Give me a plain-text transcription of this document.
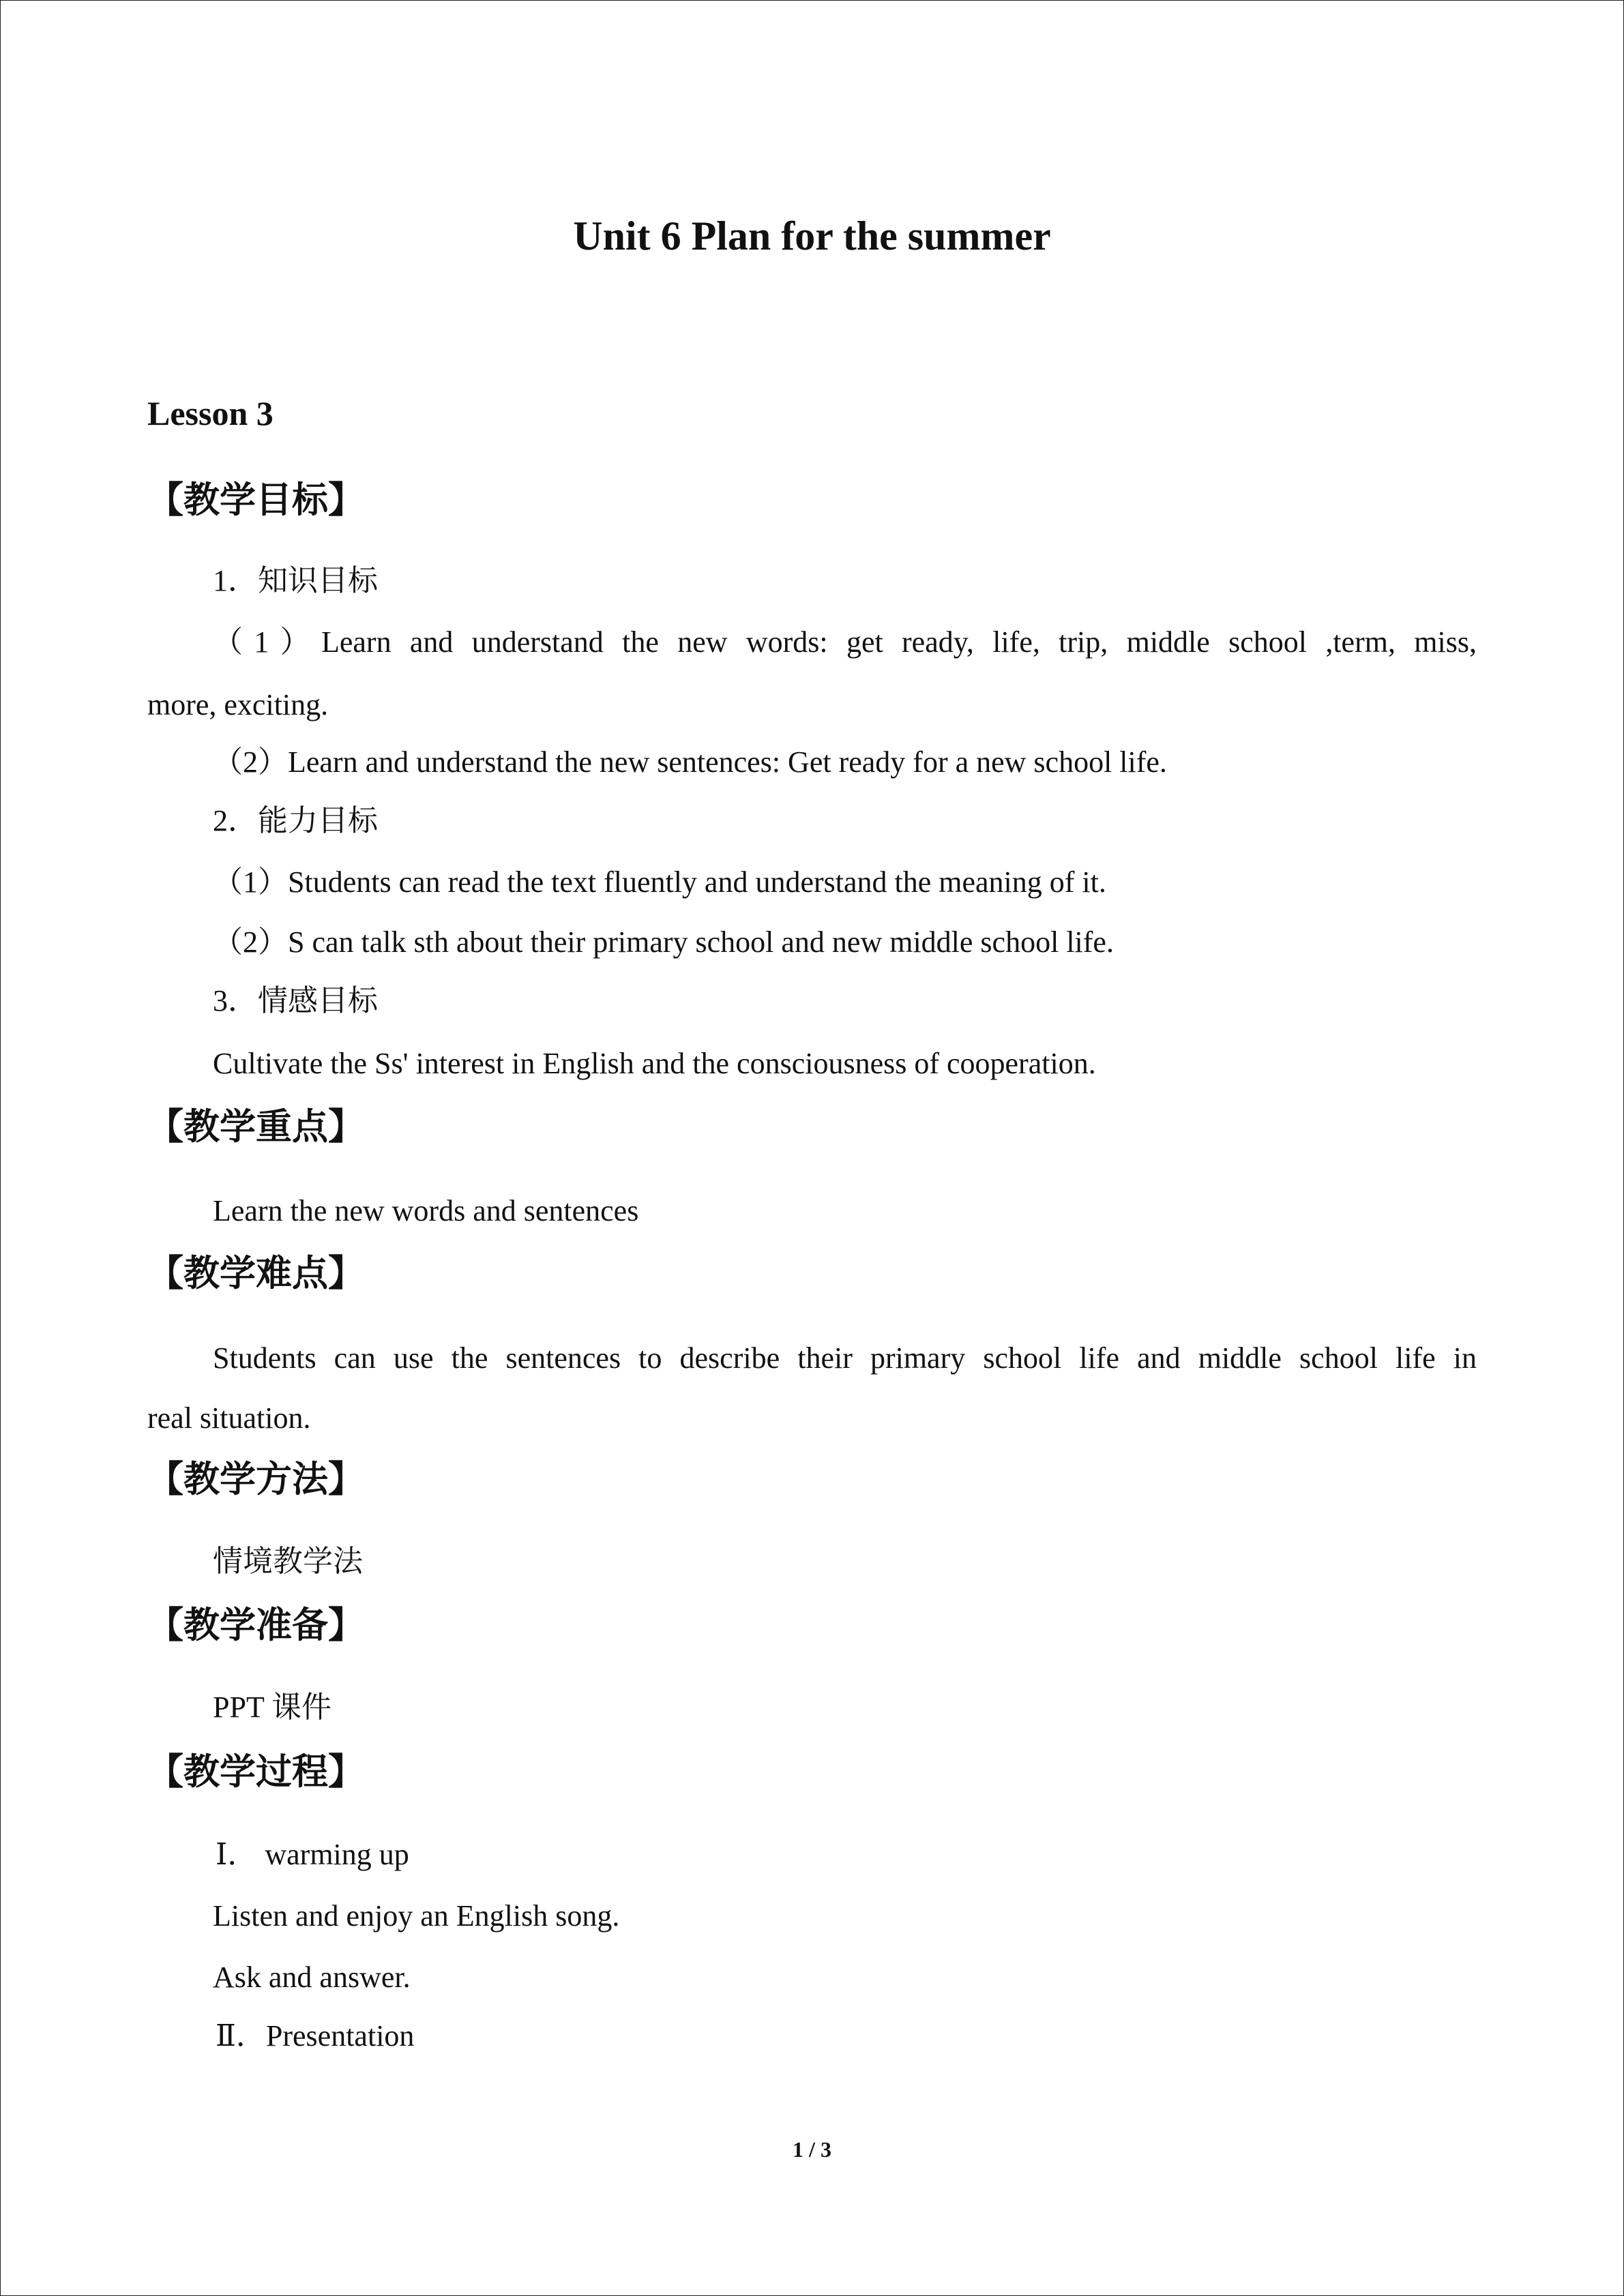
Unit 6 Plan for the summer
Lesson 3
【教学目标】
1．知识目标
（1）Learn and understand the new words: get ready, life, trip, middle school ,term, miss,
more, exciting.
（2）Learn and understand the new sentences: Get ready for a new school life.
2．能力目标
（1）Students can read the text fluently and understand the meaning of it.
（2）S can talk sth about their primary school and new middle school life.
3．情感目标
Cultivate the Ss' interest in English and the consciousness of cooperation.
【教学重点】
Learn the new words and sentences
【教学难点】
Students can use the sentences to describe their primary school life and middle school life in
real situation.
【教学方法】
情境教学法
【教学准备】
PPT 课件
【教学过程】
Ⅰ． warming up
Listen and enjoy an English song.
Ask and answer.
Ⅱ．Presentation
1 / 3
